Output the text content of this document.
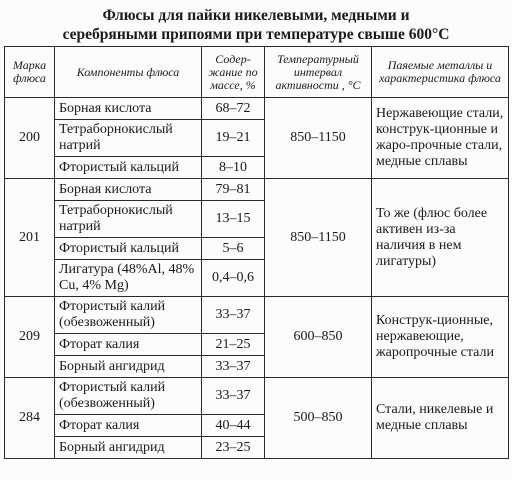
Флюсы для пайки никелевыми, медными и
серебряными припоями при температуре свыше 600°C
Марка флюса	Компоненты флюса	Содер-жание по массе, %	Температурный интервал активности , °С	Паяемые металлы и характеристика флюса
200	Борная кислота	68–72	850–1150	Нержавеющие стали, конструк-ционные и жаро-прочные стали, медные сплавы
	Тетраборнокислый натрий	19–21		
	Фтористый кальций	8–10		
201	Борная кислота	79–81	850–1150	То же (флюс более активен из-за наличия в нем лигатуры)
	Тетраборнокислый натрий	13–15		
	Фтористый кальций	5–6		
	Лигатура (48%Al, 48% Cu, 4% Mg)	0,4–0,6		
209	Фтористый калий (обезвоженный)	33–37	600–850	Конструк-ционные, нержавеющие, жаропрочные стали
	Фторат калия	21–25		
	Борный ангидрид	33–37		
284	Фтористый калий (обезвоженный)	33–37	500–850	Стали, никелевые и медные сплавы
	Фторат калия	40–44		
	Борный ангидрид	23–25		
